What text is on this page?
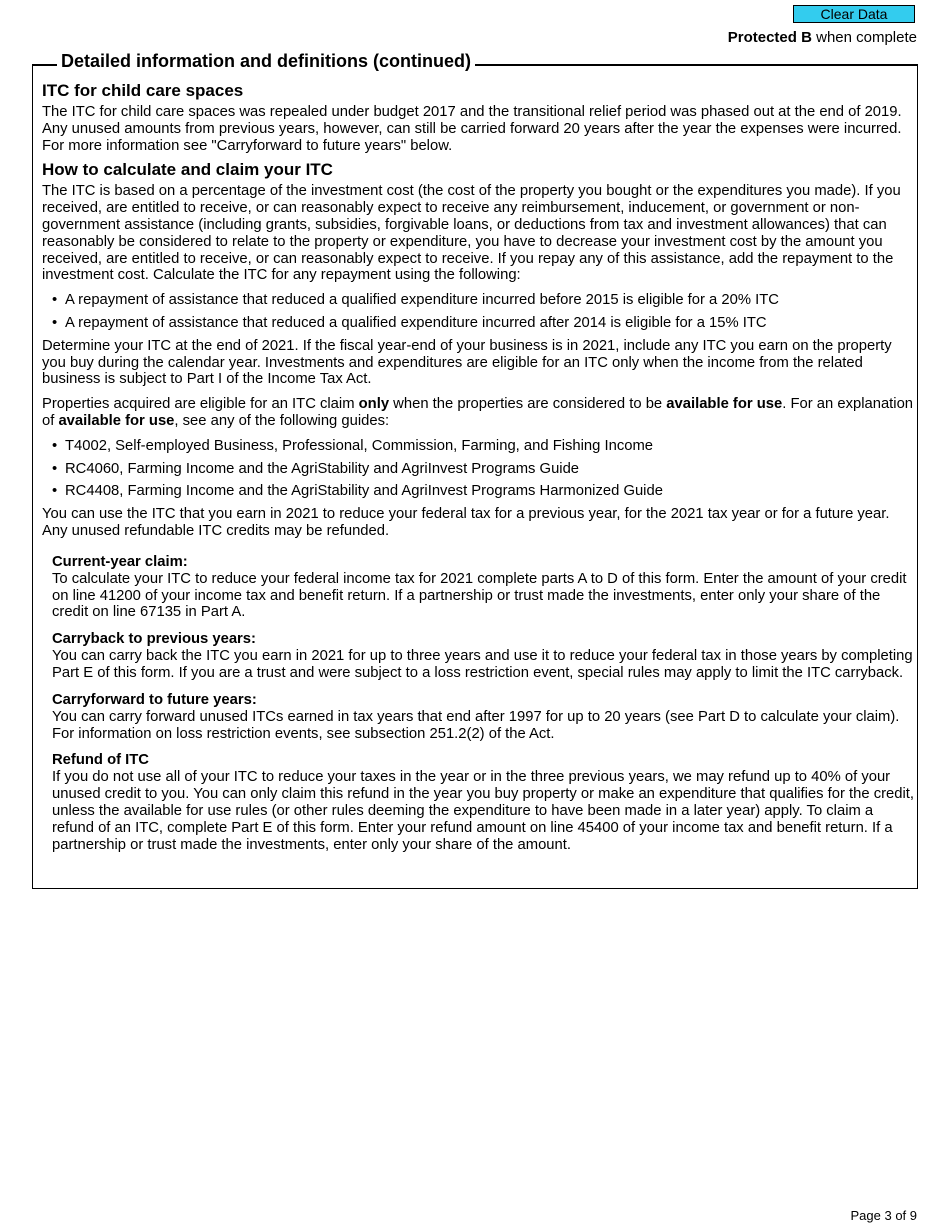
Clear Data
Protected B when complete
Detailed information and definitions (continued)
ITC for child care spaces

The ITC for child care spaces was repealed under budget 2017 and the transitional relief period was phased out at the end of 2019. Any unused amounts from previous years, however, can still be carried forward 20 years after the year the expenses were incurred. For more information see "Carryforward to future years" below.

How to calculate and claim your ITC

The ITC is based on a percentage of the investment cost (the cost of the property you bought or the expenditures you made). If you received, are entitled to receive, or can reasonably expect to receive any reimbursement, inducement, or government or non-government assistance (including grants, subsidies, forgivable loans, or deductions from tax and investment allowances) that can reasonably be considered to relate to the property or expenditure, you have to decrease your investment cost by the amount you received, are entitled to receive, or can reasonably expect to receive. If you repay any of this assistance, add the repayment to the investment cost. Calculate the ITC for any repayment using the following:

• A repayment of assistance that reduced a qualified expenditure incurred before 2015 is eligible for a 20% ITC
• A repayment of assistance that reduced a qualified expenditure incurred after 2014 is eligible for a 15% ITC

Determine your ITC at the end of 2021. If the fiscal year-end of your business is in 2021, include any ITC you earn on the property you buy during the calendar year. Investments and expenditures are eligible for an ITC only when the income from the related business is subject to Part I of the Income Tax Act.

Properties acquired are eligible for an ITC claim only when the properties are considered to be available for use. For an explanation of available for use, see any of the following guides:

• T4002, Self-employed Business, Professional, Commission, Farming, and Fishing Income
• RC4060, Farming Income and the AgriStability and AgriInvest Programs Guide
• RC4408, Farming Income and the AgriStability and AgriInvest Programs Harmonized Guide

You can use the ITC that you earn in 2021 to reduce your federal tax for a previous year, for the 2021 tax year or for a future year. Any unused refundable ITC credits may be refunded.

Current-year claim:

To calculate your ITC to reduce your federal income tax for 2021 complete parts A to D of this form. Enter the amount of your credit on line 41200 of your income tax and benefit return. If a partnership or trust made the investments, enter only your share of the credit on line 67135 in Part A.

Carryback to previous years:

You can carry back the ITC you earn in 2021 for up to three years and use it to reduce your federal tax in those years by completing Part E of this form. If you are a trust and were subject to a loss restriction event, special rules may apply to limit the ITC carryback.

Carryforward to future years:

You can carry forward unused ITCs earned in tax years that end after 1997 for up to 20 years (see Part D to calculate your claim). For information on loss restriction events, see subsection 251.2(2) of the Act.

Refund of ITC

If you do not use all of your ITC to reduce your taxes in the year or in the three previous years, we may refund up to 40% of your unused credit to you. You can only claim this refund in the year you buy property or make an expenditure that qualifies for the credit, unless the available for use rules (or other rules deeming the expenditure to have been made in a later year) apply. To claim a refund of an ITC, complete Part E of this form. Enter your refund amount on line 45400 of your income tax and benefit return. If a partnership or trust made the investments, enter only your share of the amount.

Page 3 of 9
